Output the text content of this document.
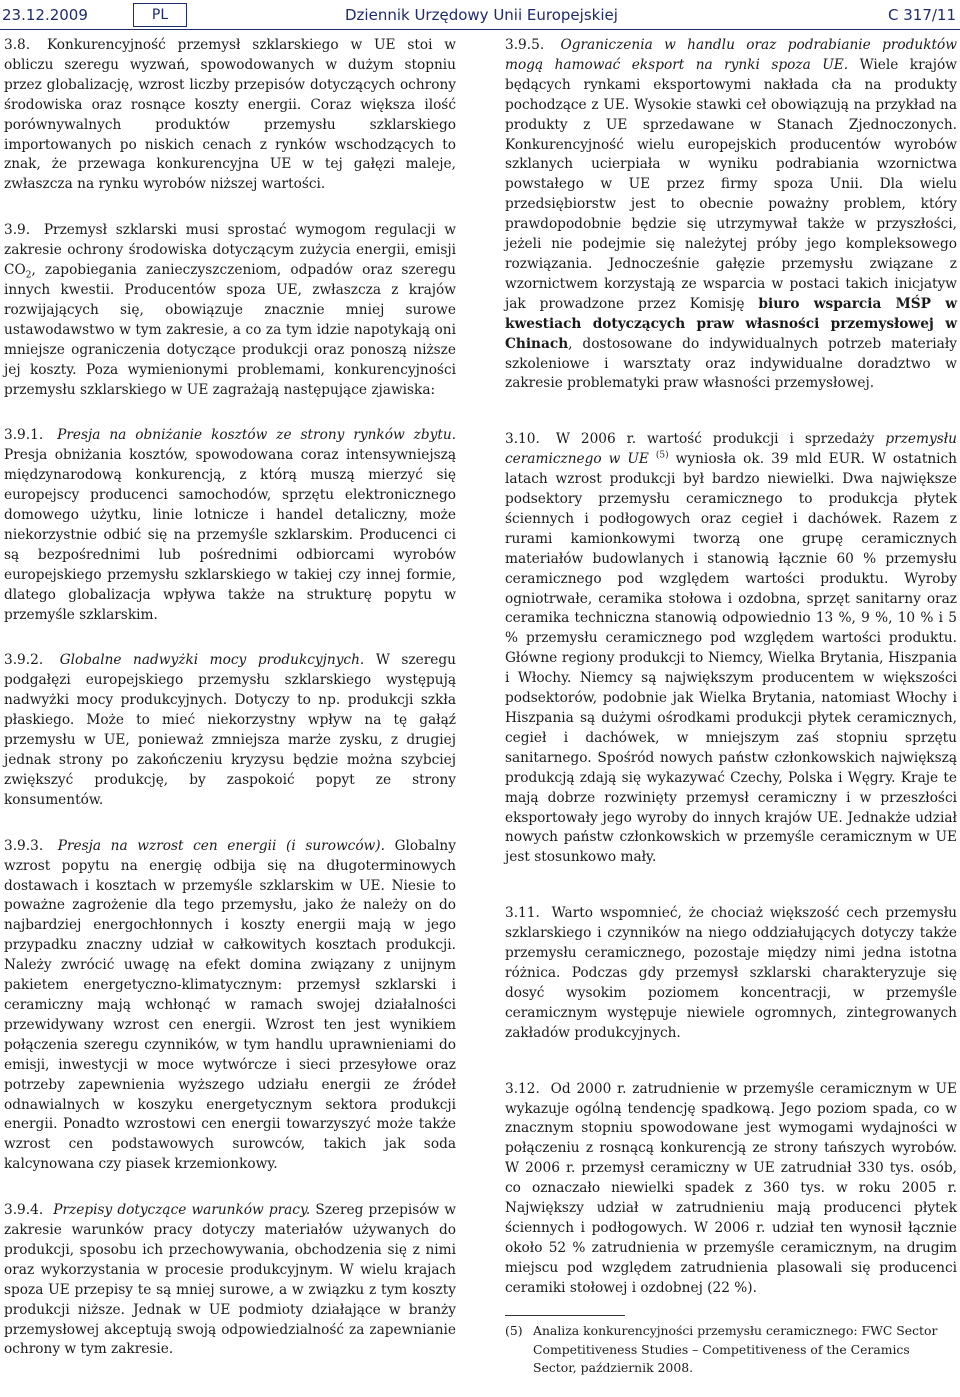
23.12.2009	PL	Dziennik Urzędowy Unii Europejskiej	C 317/11

3.8. Konkurencyjność przemysł szklarskiego w UE stoi w obliczu szeregu wyzwań, spowodowanych w dużym stopniu przez globalizację, wzrost liczby przepisów dotyczących ochrony środowiska oraz rosnące koszty energii. Coraz większa ilość porównywalnych produktów przemysłu szklarskiego importowanych po niskich cenach z rynków wschodzących to znak, że przewaga konkurencyjna UE w tej gałęzi maleje, zwłaszcza na rynku wyrobów niższej wartości.

3.9. Przemysł szklarski musi sprostać wymogom regulacji w zakresie ochrony środowiska dotyczącym zużycia energii, emisji $CO_2$, zapobiegania zanieczyszczeniom, odpadów oraz szeregu innych kwestii. Producentów spoza UE, zwłaszcza z krajów rozwijających się, obowiązuje znacznie mniej surowe ustawodawstwo w tym zakresie, a co za tym idzie napotykają oni mniejsze ograniczenia dotyczące produkcji oraz ponoszą niższe jej koszty. Poza wymienionymi problemami, konkurencyjności przemysłu szklarskiego w UE zagrażają następujące zjawiska:

3.9.1. Presja na obniżanie kosztów ze strony rynków zbytu. Presja obniżania kosztów, spowodowana coraz intensywniejszą międzynarodową konkurencją, z którą muszą mierzyć się europejscy producenci samochodów, sprzętu elektronicznego domowego użytku, linie lotnicze i handel detaliczny, może niekorzystnie odbić się na przemyśle szklarskim. Producenci ci są bezpośrednimi lub pośrednimi odbiorcami wyrobów europejskiego przemysłu szklarskiego w takiej czy innej formie, dlatego globalizacja wpływa także na strukturę popytu w przemyśle szklarskim.

3.9.2. Globalne nadwyżki mocy produkcyjnych. W szeregu podgałęzi europejskiego przemysłu szklarskiego występują nadwyżki mocy produkcyjnych. Dotyczy to np. produkcji szkła płaskiego. Może to mieć niekorzystny wpływ na tę gałąź przemysłu w UE, ponieważ zmniejsza marże zysku, z drugiej jednak strony po zakończeniu kryzysu będzie można szybciej zwiększyć produkcję, by zaspokoić popyt ze strony konsumentów.

3.9.3. Presja na wzrost cen energii (i surowców). Globalny wzrost popytu na energię odbija się na długoterminowych dostawach i kosztach w przemyśle szklarskim w UE. Niesie to poważne zagrożenie dla tego przemysłu, jako że należy on do najbardziej energochłonnych i koszty energii mają w jego przypadku znaczny udział w całkowitych kosztach produkcji. Należy zwrócić uwagę na efekt domina związany z unijnym pakietem energetyczno-klimatycznym: przemysł szklarski i ceramiczny mają wchłonąć w ramach swojej działalności przewidywany wzrost cen energii. Wzrost ten jest wynikiem połączenia szeregu czynników, w tym handlu uprawnieniami do emisji, inwestycji w moce wytwórcze i sieci przesyłowe oraz potrzeby zapewnienia wyższego udziału energii ze źródeł odnawialnych w koszyku energetycznym sektora produkcji energii. Ponadto wzrostowi cen energii towarzyszyć może także wzrost cen podstawowych surowców, takich jak soda kalcynowana czy piasek krzemionkowy.

3.9.4. Przepisy dotyczące warunków pracy. Szereg przepisów w zakresie warunków pracy dotyczy materiałów używanych do produkcji, sposobu ich przechowywania, obchodzenia się z nimi oraz wykorzystania w procesie produkcyjnym. W wielu krajach spoza UE przepisy te są mniej surowe, a w związku z tym koszty produkcji niższe. Jednak w UE podmioty działające w branży przemysłowej akceptują swoją odpowiedzialność za zapewnianie ochrony w tym zakresie.

3.9.5. Ograniczenia w handlu oraz podrabianie produktów mogą hamować eksport na rynki spoza UE. Wiele krajów będących rynkami eksportowymi nakłada cła na produkty pochodzące z UE. Wysokie stawki ceł obowiązują na przykład na produkty z UE sprzedawane w Stanach Zjednoczonych. Konkurencyjność wielu europejskich producentów wyrobów szklanych ucierpiała w wyniku podrabiania wzornictwa powstałego w UE przez firmy spoza Unii. Dla wielu przedsiębiorstw jest to obecnie poważny problem, który prawdopodobnie będzie się utrzymywał także w przyszłości, jeżeli nie podejmie się należytej próby jego kompleksowego rozwiązania. Jednocześnie gałęzie przemysłu związane z wzornictwem korzystają ze wsparcia w postaci takich inicjatyw jak prowadzone przez Komisję biuro wsparcia MŚP w kwestiach dotyczących praw własności przemysłowej w Chinach, dostosowane do indywidualnych potrzeb materiały szkoleniowe i warsztaty oraz indywidualne doradztwo w zakresie problematyki praw własności przemysłowej.

3.10. W 2006 r. wartość produkcji i sprzedaży przemysłu ceramicznego w UE $^{(5)}$ wyniosła ok. 39 mld EUR. W ostatnich latach wzrost produkcji był bardzo niewielki. Dwa największe podsektory przemysłu ceramicznego to produkcja płytek ściennych i podłogowych oraz cegieł i dachówek. Razem z rurami kamionkowymi tworzą one grupę ceramicznych materiałów budowlanych i stanowią łącznie 60 % przemysłu ceramicznego pod względem wartości produktu. Wyroby ogniotrwałe, ceramika stołowa i ozdobna, sprzęt sanitarny oraz ceramika techniczna stanowią odpowiednio 13 %, 9 %, 10 % i 5 % przemysłu ceramicznego pod względem wartości produktu. Główne regiony produkcji to Niemcy, Wielka Brytania, Hiszpania i Włochy. Niemcy są największym producentem w większości podsektorów, podobnie jak Wielka Brytania, natomiast Włochy i Hiszpania są dużymi ośrodkami produkcji płytek ceramicznych, cegieł i dachówek, w mniejszym zaś stopniu sprzętu sanitarnego. Spośród nowych państw członkowskich największą produkcją zdają się wykazywać Czechy, Polska i Węgry. Kraje te mają dobrze rozwinięty przemysł ceramiczny i w przeszłości eksportowały jego wyroby do innych krajów UE. Jednakże udział nowych państw członkowskich w przemyśle ceramicznym w UE jest stosunkowo mały.

3.11. Warto wspomnieć, że chociaż większość cech przemysłu szklarskiego i czynników na niego oddziałujących dotyczy także przemysłu ceramicznego, pozostaje między nimi jedna istotna różnica. Podczas gdy przemysł szklarski charakteryzuje się dosyć wysokim poziomem koncentracji, w przemyśle ceramicznym występuje niewiele ogromnych, zintegrowanych zakładów produkcyjnych.

3.12. Od 2000 r. zatrudnienie w przemyśle ceramicznym w UE wykazuje ogólną tendencję spadkową. Jego poziom spada, co w znacznym stopniu spowodowane jest wymogami wydajności w połączeniu z rosnącą konkurencją ze strony tańszych wyrobów. W 2006 r. przemysł ceramiczny w UE zatrudniał 330 tys. osób, co oznaczało niewielki spadek z 360 tys. w roku 2005 r. Największy udział w zatrudnieniu mają producenci płytek ściennych i podłogowych. W 2006 r. udział ten wynosił łącznie około 52 % zatrudnienia w przemyśle ceramicznym, na drugim miejscu pod względem zatrudnienia plasowali się producenci ceramiki stołowej i ozdobnej (22 %).

(5) Analiza konkurencyjności przemysłu ceramicznego: FWC Sector Competitiveness Studies – Competitiveness of the Ceramics Sector, październik 2008.
